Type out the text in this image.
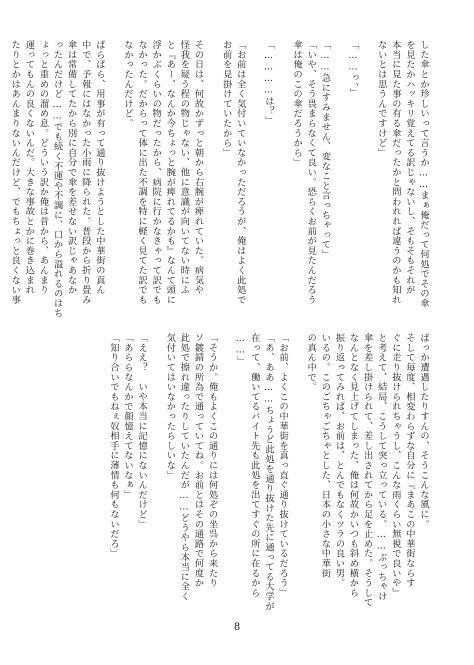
した傘とか珍しいって言うか……まぁ俺だって何処でその傘
を見たかハッキリ覚えてる訳じゃないし、そもそもそれが
本当に見た事の有る傘だったかと問われれば違うのかも知れ
ないとは思うんですけど」

「……っ、」

「……急にすみません、変なこと言っちゃって」
「いや、そう畏まらなくて良い。恐らくお前が見たんだろう
傘は俺のこの傘だろうから」

「…………は？」

「お前は全く気付いていなかっただろうが、俺はよく此処で
お前を見掛けていたから」

その日は、何故かずっと朝から右腕が痺れていた。病気や
怪我を疑う程の物じゃない、他に意識が向いてない時にふ
と『あー、なんか今ちょっと腕が痺れてるかも』なんて頭に
浮かぶくらいの物だったから、病院に行かなきゃって訳でも
なかった。だからって体に出た不調を特に軽く見てた訳でも
なかったんだけど。

ぱらぱら、用事が有って通り抜けようとした中華街の真ん
中で、予報にはなかった小雨に降られた。普段から折り畳み
傘は常備してたから別に自分で傘を差せない訳じゃあなか
ったんだけど……でも続く不運や不調に、口から溢れるのはち
ょっと重めの溜め息。どういう訳か俺は昔から、あんまり
運ってもんの良くないんだ。大きな事故とかに巻き込まれ
たりとかはあんまりないんだけど、でもちょっと良くない事
ばっか遭遇したりすんの、そうこんな風に。
そして毎度、相変わらずな自分に『まあこの中華街ならす
ぐに走り抜けられちゃうし、こんな雨くらい無視で良いや』
と考えて、結局、こうして突っ立っている。……ぶっちゃけ
傘を差し掛けられて、差し出されてから足を止めた。そうして
なんとなく見上げてしまった、俺は何故かいつも斜め横から
振り返ってみれば、お前は、とんでもなくツラの良い男。
いるの。このごちゃごちゃとした、日本の小さな中華街
の真ん中で。

「お前、よくこの中華街を真っ直ぐ通り抜けているだろう」
「あ、ああ……ちょうど此処を通り抜けた先に通ってる大学が
在って、働いてるバイト先も此処を出てすぐの所に在るから
……」

「そうか。俺もよくこの通りには何処ぞの坐呉から来たり
ソ鍍錆の所為で通っていてね。お前とはその通路で何度か
此処で擦れ違ったりしていたんだが……どうやら本当に全く
気付いてはいなかったらしいな」

「ええ？　いや本当に記憶にないんだけど」
「あららなんかで顔憶えてないなぁ」
「知り合いでもねぇ奴相手に薄情も何もないだろ」
8
